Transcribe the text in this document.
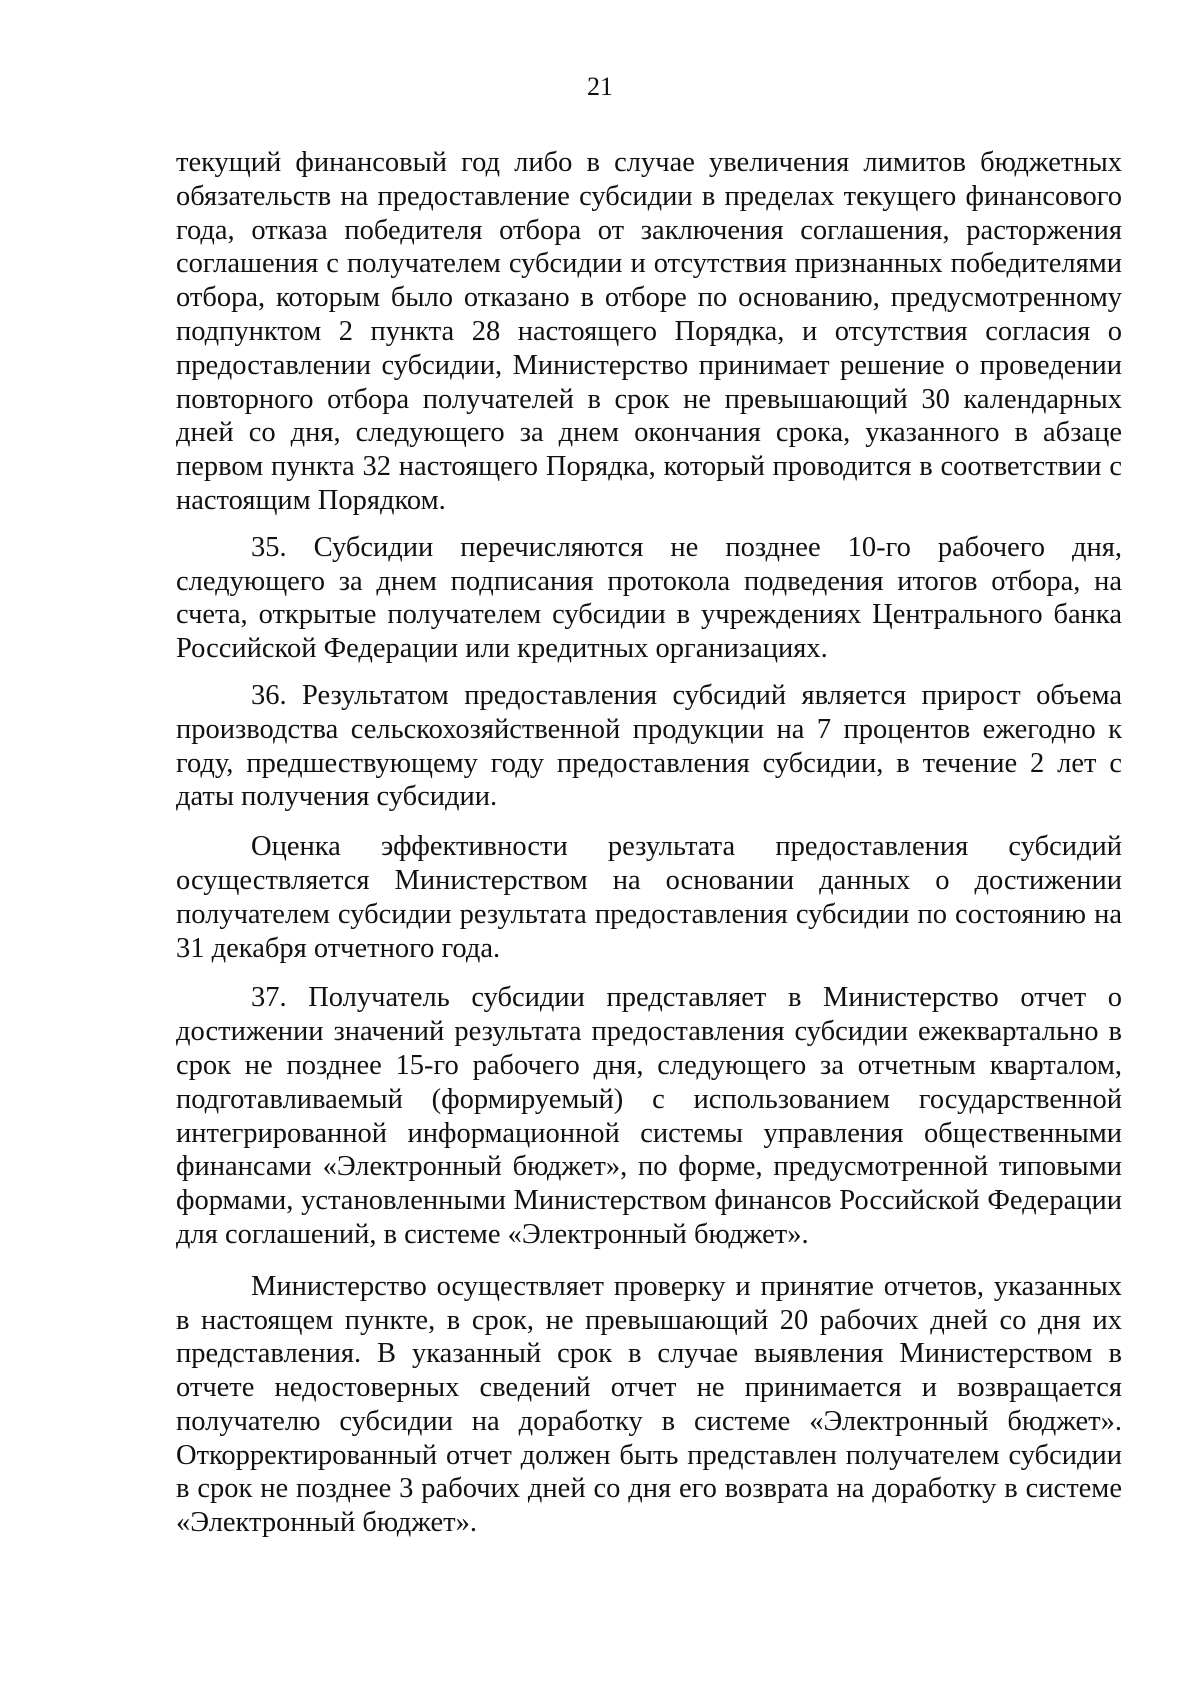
21

текущий финансовый год либо в случае увеличения лимитов бюджетных обязательств на предоставление субсидии в пределах текущего финансового года, отказа победителя отбора от заключения соглашения, расторжения соглашения с получателем субсидии и отсутствия признанных победителями отбора, которым было отказано в отборе по основанию, предусмотренному подпунктом 2 пункта 28 настоящего Порядка, и отсутствия согласия о предоставлении субсидии, Министерство принимает решение о проведении повторного отбора получателей в срок не превышающий 30 календарных дней со дня, следующего за днем окончания срока, указанного в абзаце первом пункта 32 настоящего Порядка, который проводится в соответствии с настоящим Порядком.

35. Субсидии перечисляются не позднее 10-го рабочего дня, следующего за днем подписания протокола подведения итогов отбора, на счета, открытые получателем субсидии в учреждениях Центрального банка Российской Федерации или кредитных организациях.

36. Результатом предоставления субсидий является прирост объема производства сельскохозяйственной продукции на 7 процентов ежегодно к году, предшествующему году предоставления субсидии, в течение 2 лет с даты получения субсидии.

Оценка эффективности результата предоставления субсидий осуществляется Министерством на основании данных о достижении получателем субсидии результата предоставления субсидии по состоянию на 31 декабря отчетного года.

37. Получатель субсидии представляет в Министерство отчет о достижении значений результата предоставления субсидии ежеквартально в срок не позднее 15-го рабочего дня, следующего за отчетным кварталом, подготавливаемый (формируемый) с использованием государственной интегрированной информационной системы управления общественными финансами «Электронный бюджет», по форме, предусмотренной типовыми формами, установленными Министерством финансов Российской Федерации для соглашений, в системе «Электронный бюджет».

Министерство осуществляет проверку и принятие отчетов, указанных в настоящем пункте, в срок, не превышающий 20 рабочих дней со дня их представления. В указанный срок в случае выявления Министерством в отчете недостоверных сведений отчет не принимается и возвращается получателю субсидии на доработку в системе «Электронный бюджет». Откорректированный отчет должен быть представлен получателем субсидии в срок не позднее 3 рабочих дней со дня его возврата на доработку в системе «Электронный бюджет».
